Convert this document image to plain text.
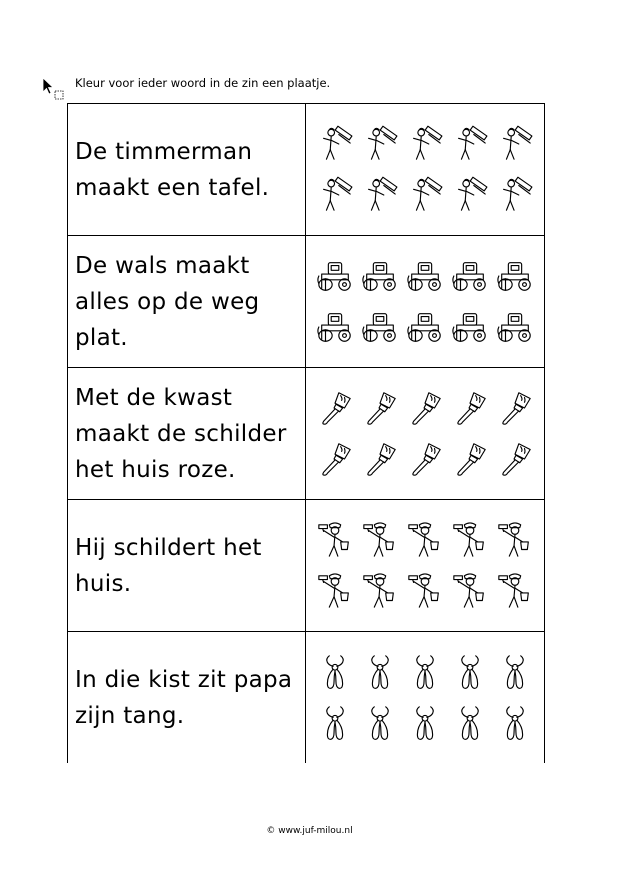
Kleur voor ieder woord in de zin een plaatje.
De timmerman
maakt een tafel.
De wals maakt
alles op de weg
plat.
Met de kwast
maakt de schilder
het huis roze.
Hij schildert het
huis.
In die kist zit papa
zijn tang.
© www.juf-milou.nl
